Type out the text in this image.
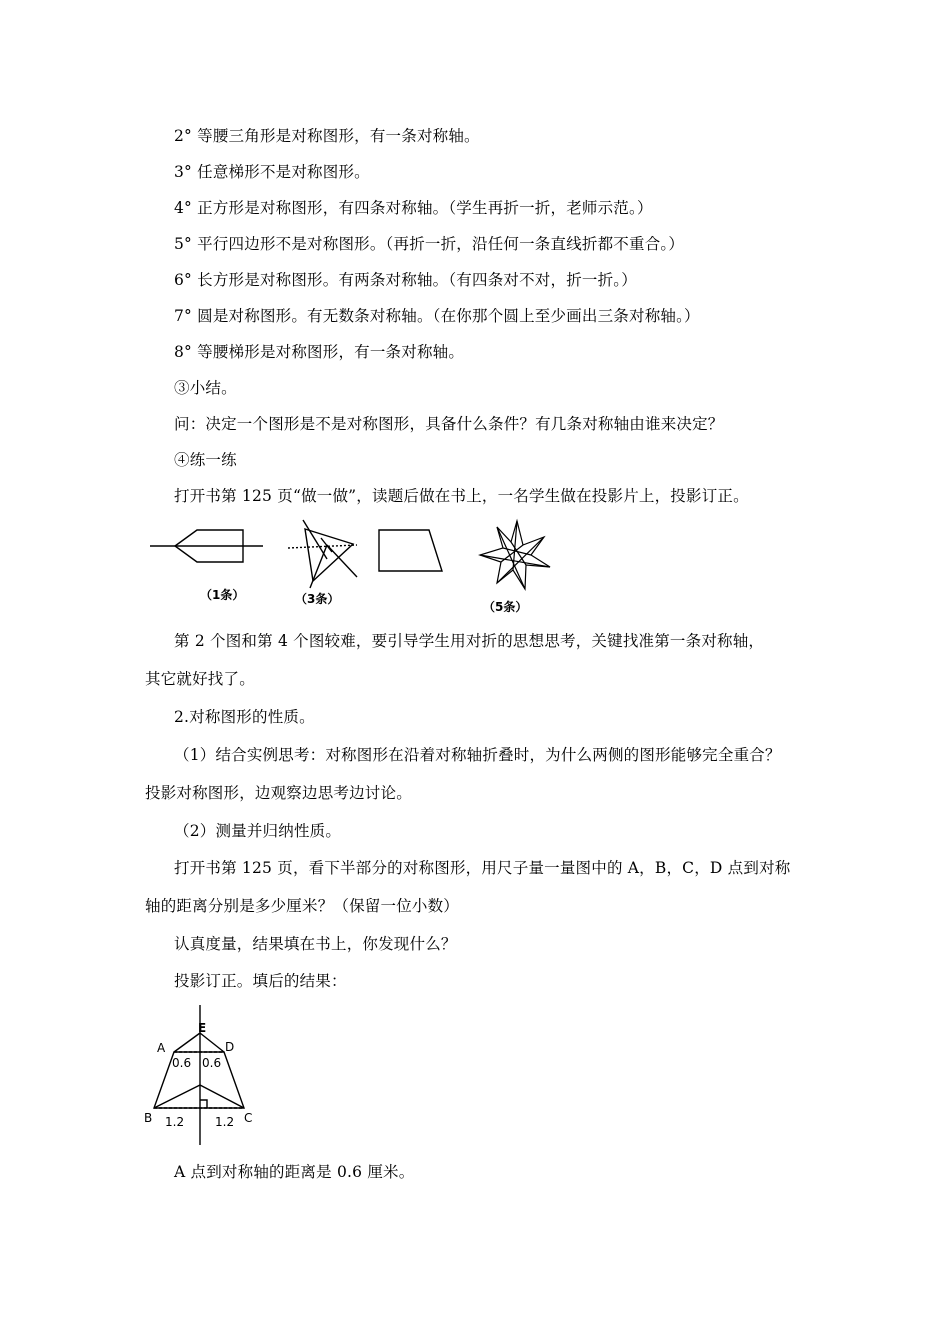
2° 等腰三角形是对称图形，有一条对称轴。
3° 任意梯形不是对称图形。
4° 正方形是对称图形，有四条对称轴。（学生再折一折，老师示范。）
5° 平行四边形不是对称图形。（再折一折，沿任何一条直线折都不重合。）
6° 长方形是对称图形。有两条对称轴。（有四条对不对，折一折。）
7° 圆是对称图形。有无数条对称轴。（在你那个圆上至少画出三条对称轴。）
8° 等腰梯形是对称图形，有一条对称轴。
③小结。
问：决定一个图形是不是对称图形，具备什么条件？有几条对称轴由谁来决定？
④练一练
打开书第 125 页“做一做”，读题后做在书上，一名学生做在投影片上，投影订正。
（1条）	（3条）
（5条）
第 2 个图和第 4 个图较难，要引导学生用对折的思想思考，关键找准第一条对称轴，
其它就好找了。
2.对称图形的性质。
（1）结合实例思考：对称图形在沿着对称轴折叠时，为什么两侧的图形能够完全重合？
投影对称图形，边观察边思考边讨论。
（2）测量并归纳性质。
打开书第 125 页，看下半部分的对称图形，用尺子量一量图中的 A，B，C，D 点到对称
轴的距离分别是多少厘米？（保留一位小数）
认真度量，结果填在书上，你发现什么？
投影订正。填后的结果：
E
A	D
0.6 0.6
B	C
1.2	1.2
A 点到对称轴的距离是 0.6 厘米。
